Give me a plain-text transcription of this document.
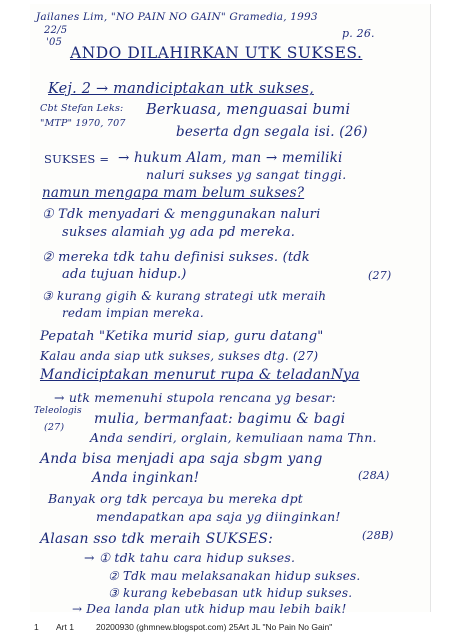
Jailanes Lim, "NO PAIN NO GAIN" Gramedia, 1993
22/5
'05
p. 26.
ANDO DILAHIRKAN UTK SUKSES.
Cbt Stefan Leks:
"MTP" 1970, 707
SUKSES =
Teleologis
(27)
Kej. 2 → mandiciptakan utk sukses,
Berkuasa, menguasai bumi
beserta dgn segala isi. (26)
→ hukum Alam, man → memiliki
naluri sukses yg sangat tinggi.
namun mengapa mam belum sukses?
① Tdk menyadari & menggunakan naluri
sukses alamiah yg ada pd mereka.
② mereka tdk tahu definisi sukses. (tdk
ada tujuan hidup.)	(27)
③ kurang gigih & kurang strategi utk meraih
redam impian mereka.
Pepatah "Ketika murid siap, guru datang"
Kalau anda siap utk sukses, sukses dtg. (27)
Mandiciptakan menurut rupa & teladanNya
→ utk memenuhi stupola rencana yg besar:
mulia, bermanfaat: bagimu & bagi
Anda sendiri, orglain, kemuliaan nama Thn.
Anda bisa menjadi apa saja sbgm yang
Anda inginkan!	(28A)
Banyak org tdk percaya bu mereka dpt
mendapatkan apa saja yg diinginkan!
Alasan sso tdk meraih SUKSES:	(28B)
→ ① tdk tahu cara hidup sukses.
② Tdk mau melaksanakan hidup sukses.
③ kurang kebebasan utk hidup sukses.
→ Dea landa plan utk hidup mau lebih baik!
1 Art 1	20200930 (ghmnew.blogspot.com) 25Art JL "No Pain No Gain"
